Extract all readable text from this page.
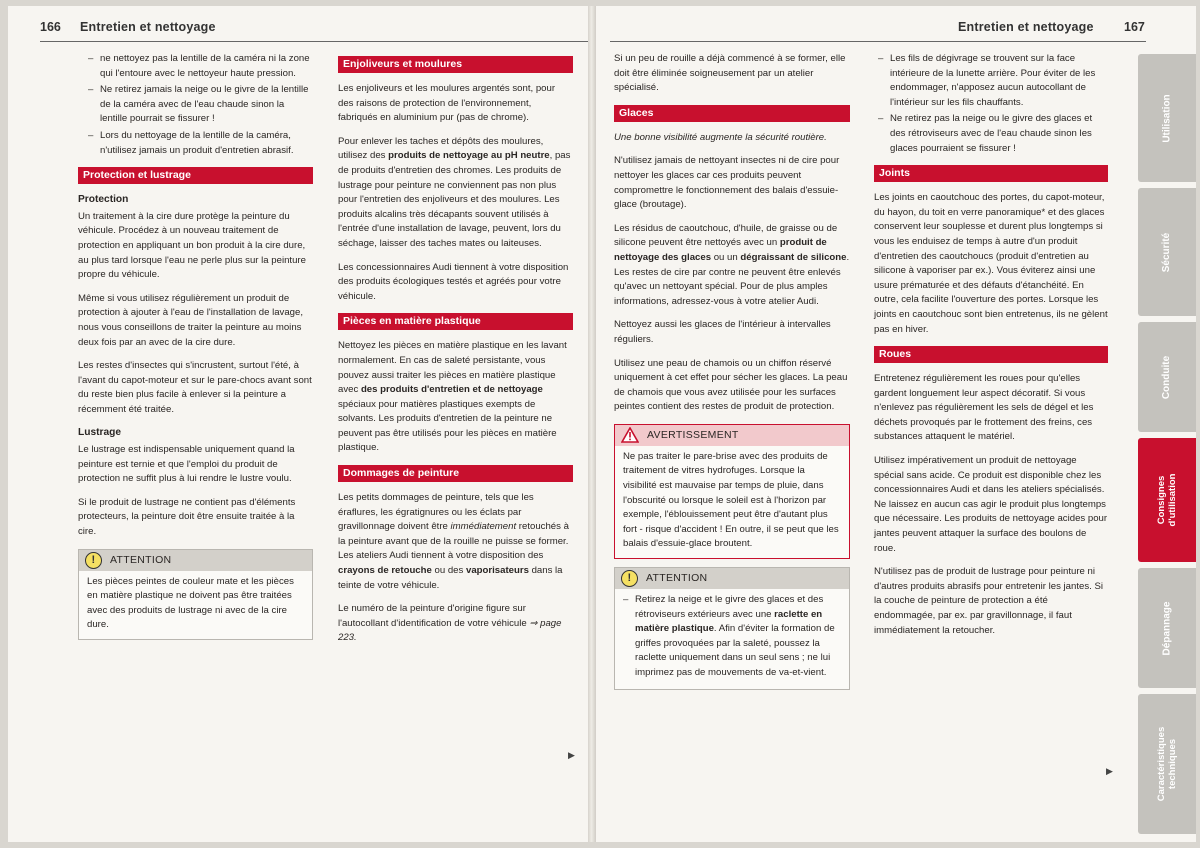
166 Entretien et nettoyage
– ne nettoyez pas la lentille de la caméra ni la zone qui l'entoure avec le nettoyeur haute pression.
– Ne retirez jamais la neige ou le givre de la lentille de la caméra avec de l'eau chaude sinon la lentille pourrait se fissurer !
– Lors du nettoyage de la lentille de la caméra, n'utilisez jamais un produit d'entretien abrasif.
Protection et lustrage
Protection

Un traitement à la cire dure protège la peinture du véhicule. Procédez à un nouveau traitement de protection en appliquant un bon produit à la cire dure, au plus tard lorsque l'eau ne perle plus sur la peinture propre du véhicule.

Même si vous utilisez régulièrement un produit de protection à ajouter à l'eau de l'installation de lavage, nous vous conseillons de traiter la peinture au moins deux fois par an avec de la cire dure.

Les restes d'insectes qui s'incrustent, surtout l'été, à l'avant du capot-moteur et sur le pare-chocs avant sont du reste bien plus facile à enlever si la peinture a récemment été traitée.

Lustrage

Le lustrage est indispensable uniquement quand la peinture est ternie et que l'emploi du produit de protection ne suffit plus à lui rendre le lustre voulu.

Si le produit de lustrage ne contient pas d'éléments protecteurs, la peinture doit être ensuite traitée à la cire.

!	ATTENTION
Les pièces peintes de couleur mate et les pièces en matière plastique ne doivent pas être traitées avec des produits de lustrage ni avec de la cire dure.
Enjoliveurs et moulures

Les enjoliveurs et les moulures argentés sont, pour des raisons de protection de l'environnement, fabriqués en aluminium pur (pas de chrome).

Pour enlever les taches et dépôts des moulures, utilisez des produits de nettoyage au pH neutre, pas de produits d'entretien des chromes. Les produits de lustrage pour peinture ne conviennent pas non plus pour l'entretien des enjoliveurs et des moulures. Les produits alcalins très décapants souvent utilisés à l'entrée d'une installation de lavage, peuvent, lors du séchage, laisser des taches mates ou laiteuses.

Les concessionnaires Audi tiennent à votre disposition des produits écologiques testés et agréés pour votre véhicule.

Pièces en matière plastique

Nettoyez les pièces en matière plastique en les lavant normalement. En cas de saleté persistante, vous pouvez aussi traiter les pièces en matière plastique avec des produits d'entretien et de nettoyage spéciaux pour matières plastiques exempts de solvants. Les produits d'entretien de la peinture ne peuvent pas être utilisés pour les pièces en matière plastique.

Dommages de peinture

Les petits dommages de peinture, tels que les éraflures, les égratignures ou les éclats par gravillonnage doivent être immédiatement retouchés à la peinture avant que de la rouille ne puisse se former. Les ateliers Audi tiennent à votre disposition des crayons de retouche ou des vaporisateurs dans la teinte de votre véhicule.

Le numéro de la peinture d'origine figure sur l'autocollant d'identification de votre véhicule ⇒ page 223.

▶
Entretien et nettoyage 167

Si un peu de rouille a déjà commencé à se former, elle doit être éliminée soigneusement par un atelier spécialisé.

Glaces

Une bonne visibilité augmente la sécurité routière.

N'utilisez jamais de nettoyant insectes ni de cire pour nettoyer les glaces car ces produits peuvent compromettre le fonctionnement des balais d'essuie-glace (broutage).

Les résidus de caoutchouc, d'huile, de graisse ou de silicone peuvent être nettoyés avec un produit de nettoyage des glaces ou un dégraissant de silicone. Les restes de cire par contre ne peuvent être enlevés qu'avec un nettoyant spécial. Pour de plus amples informations, adressez-vous à votre atelier Audi.

Nettoyez aussi les glaces de l'intérieur à intervalles réguliers.

Utilisez une peau de chamois ou un chiffon réservé uniquement à cet effet pour sécher les glaces. La peau de chamois que vous avez utilisée pour les surfaces peintes contient des restes de produit de protection.

AVERTISSEMENT
Ne pas traiter le pare-brise avec des produits de traitement de vitres hydrofuges. Lorsque la visibilité est mauvaise par temps de pluie, dans l'obscurité ou lorsque le soleil est à l'horizon par exemple, l'éblouissement peut être d'autant plus fort - risque d'accident ! En outre, il se peut que les balais d'essuie-glace broutent.
!	ATTENTION
– Retirez la neige et le givre des glaces et des rétroviseurs extérieurs avec une raclette en matière plastique. Afin d'éviter la formation de griffes provoquées par la saleté, poussez la raclette uniquement dans un seul sens ; ne lui imprimez pas de mouvements de va-et-vient.
– Les fils de dégivrage se trouvent sur la face intérieure de la lunette arrière. Pour éviter de les endommager, n'apposez aucun autocollant de l'intérieur sur les fils chauffants.
– Ne retirez pas la neige ou le givre des glaces et des rétroviseurs avec de l'eau chaude sinon les glaces pourraient se fissurer !
Joints

Les joints en caoutchouc des portes, du capot-moteur, du hayon, du toit en verre panoramique* et des glaces conservent leur souplesse et durent plus longtemps si vous les enduisez de temps à autre d'un produit d'entretien des caoutchoucs (produit d'entretien au silicone à vaporiser par ex.). Vous éviterez ainsi une usure prématurée et des défauts d'étanchéité. En outre, cela facilite l'ouverture des portes. Lorsque les joints en caoutchouc sont bien entretenus, ils ne gèlent pas en hiver.

Roues

Entretenez régulièrement les roues pour qu'elles gardent longuement leur aspect décoratif. Si vous n'enlevez pas régulièrement les sels de dégel et les déchets provoqués par le frottement des freins, ces substances attaquent le matériel.

Utilisez impérativement un produit de nettoyage spécial sans acide. Ce produit est disponible chez les concessionnaires Audi et dans les ateliers spécialisés. Ne laissez en aucun cas agir le produit plus longtemps que nécessaire. Les produits de nettoyage acides pour jantes peuvent attaquer la surface des boulons de roue.

N'utilisez pas de produit de lustrage pour peinture ni d'autres produits abrasifs pour entretenir les jantes. Si la couche de peinture de protection a été endommagée, par ex. par gravillonnage, il faut immédiatement la retoucher.

▶
Utilisation
Sécurité
Conduite
Consignes d'utilisation
Dépannage
Caractéristiques techniques
